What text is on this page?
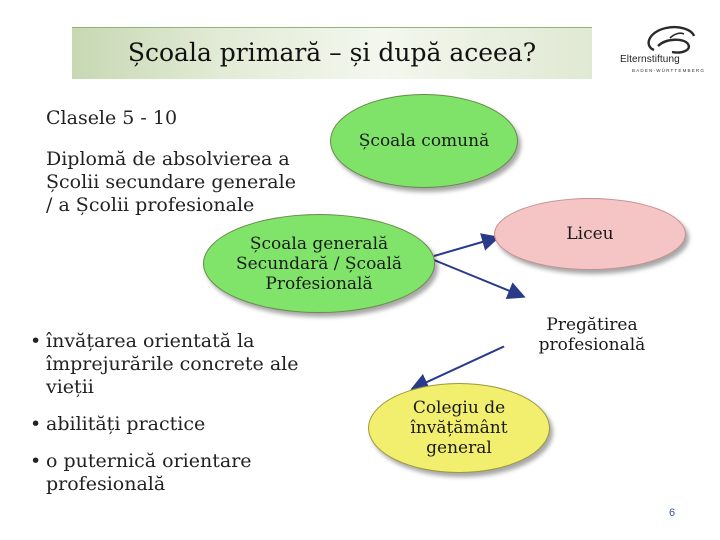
Școala primară – și după aceea?	Elternstiftung
BADEN-WÜRTTEMBERG
Clasele 5 - 10
Diplomă de absolvierea a
Școlii secundare generale
/ a Școlii profesionale
Școala comună
Școala generală
Secundară / Școală
Profesională
Liceu
Pregătirea
profesională
Colegiu de
învățământ
general
• învățarea orientată la
împrejurările concrete ale
vieții
• abilități practice
• o puternică orientare
profesională
6
